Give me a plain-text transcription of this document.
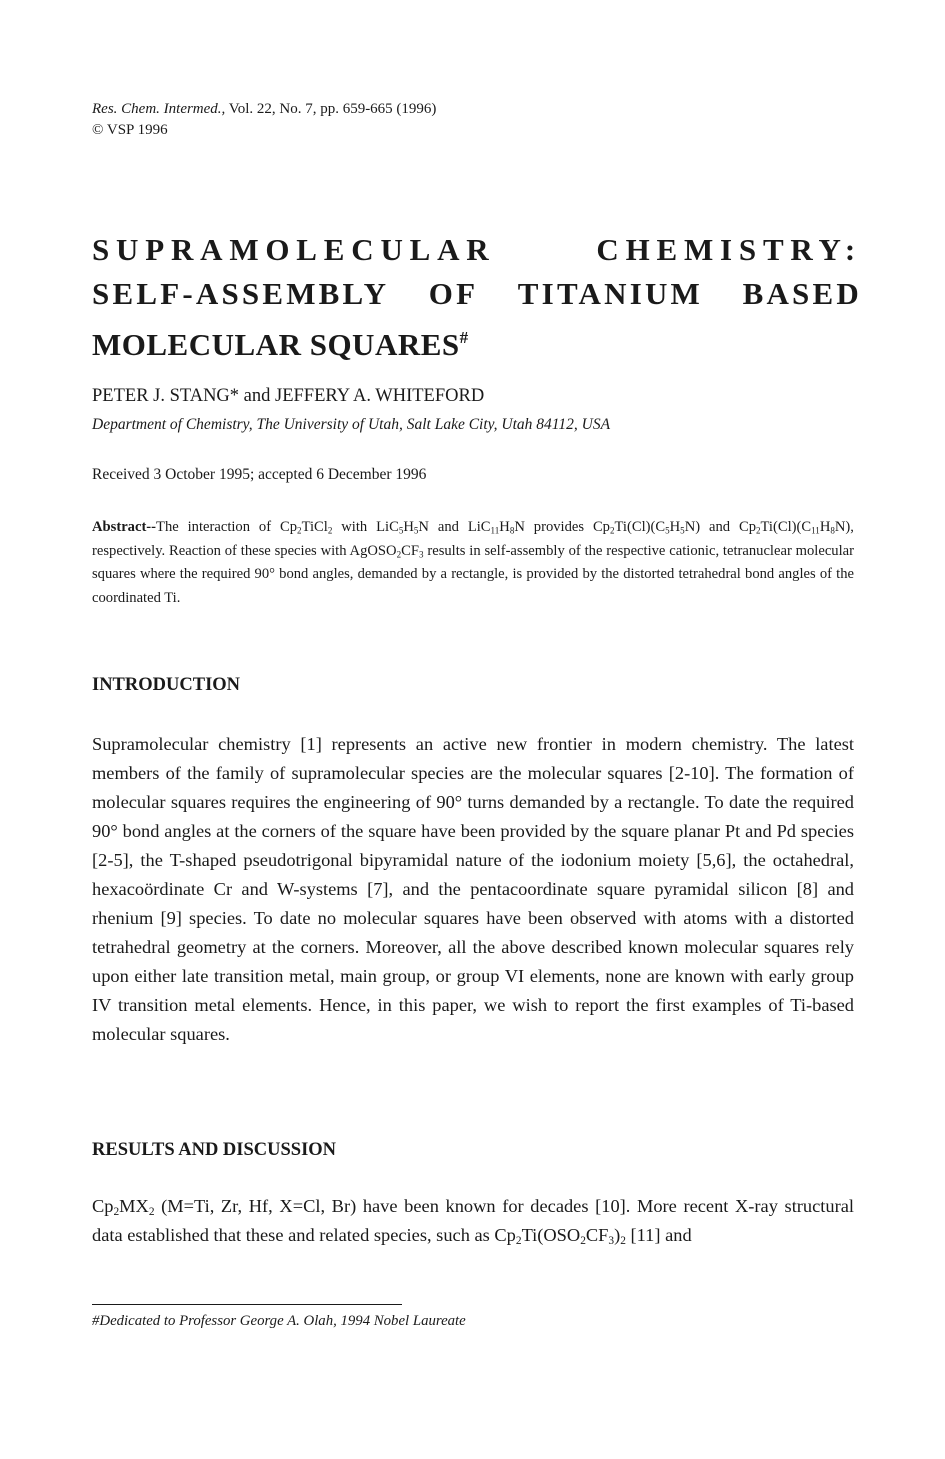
Res. Chem. Intermed., Vol. 22, No. 7, pp. 659-665 (1996)
© VSP 1996
SUPRAMOLECULAR	CHEMISTRY:
SELF-ASSEMBLY OF TITANIUM BASED
MOLECULAR SQUARES#
PETER J. STANG* and JEFFERY A. WHITEFORD
Department of Chemistry, The University of Utah, Salt Lake City, Utah 84112, USA
Received 3 October 1995; accepted 6 December 1996
Abstract--The interaction of $Cp_2TiCl_2$ with $LiC_5H_5N$ and $LiC_{11}H_8N$ provides $Cp_2Ti(Cl)(C_5H_5N)$ and $Cp_2Ti(Cl)(C_{11}H_8N)$, respectively. Reaction of these species with $AgOSO_2CF_3$ results in self-assembly of the respective cationic, tetranuclear molecular squares where the required 90° bond angles, demanded by a rectangle, is provided by the distorted tetrahedral bond angles of the coordinated Ti.
INTRODUCTION
Supramolecular chemistry [1] represents an active new frontier in modern chemistry. The latest members of the family of supramolecular species are the molecular squares [2-10]. The formation of molecular squares requires the engineering of 90° turns demanded by a rectangle. To date the required 90° bond angles at the corners of the square have been provided by the square planar Pt and Pd species [2-5], the T-shaped pseudotrigonal bipyramidal nature of the iodonium moiety [5,6], the octahedral, hexacoördinate Cr and W-systems [7], and the pentacoordinate square pyramidal silicon [8] and rhenium [9] species. To date no molecular squares have been observed with atoms with a distorted tetrahedral geometry at the corners. Moreover, all the above described known molecular squares rely upon either late transition metal, main group, or group VI elements, none are known with early group IV transition metal elements. Hence, in this paper, we wish to report the first examples of Ti-based molecular squares.
RESULTS AND DISCUSSION
$Cp_2MX_2$ (M=Ti, Zr, Hf, X=Cl, Br) have been known for decades [10]. More recent X-ray structural data established that these and related species, such as $Cp_2Ti(OSO_2CF_3)_2$ [11] and
#Dedicated to Professor George A. Olah, 1994 Nobel Laureate
